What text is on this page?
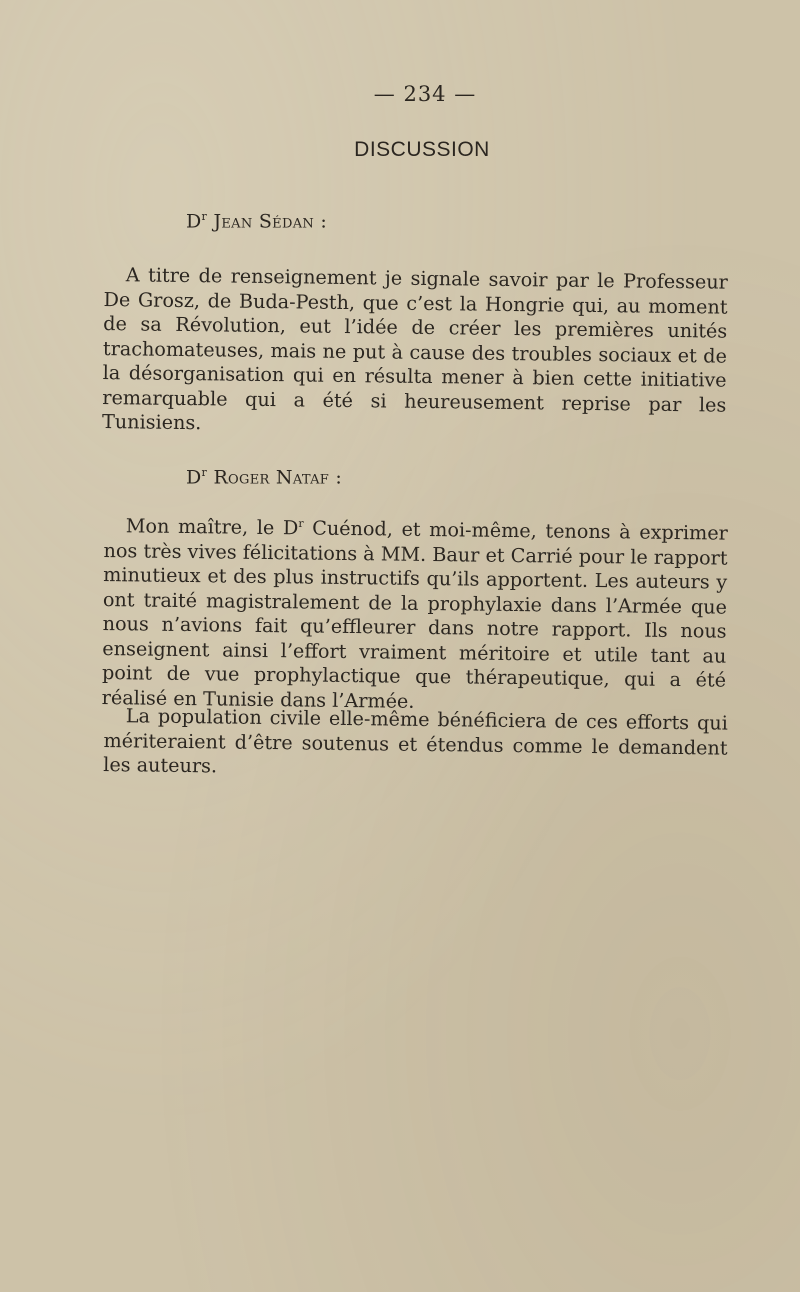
— 234 —
DISCUSSION
$D^r$ Jean Sédan :

A titre de renseignement je signale savoir par le Professeur De Grosz, de Buda-Pesth, que c’est la Hongrie qui, au moment de sa Révolution, eut l’idée de créer les premières unités trachomateuses, mais ne put à cause des troubles sociaux et de la désorganisation qui en résulta mener à bien cette initiative remarquable qui a été si heureusement reprise par les Tunisiens.

$D^r$ Roger Nataf :

Mon maître, le $D^r$ Cuénod, et moi-même, tenons à exprimer nos très vives félicitations à MM. Baur et Carrié pour le rapport minutieux et des plus instructifs qu’ils apportent. Les auteurs y ont traité magistralement de la prophylaxie dans l’Armée que nous n’avions fait qu’effleurer dans notre rapport. Ils nous enseignent ainsi l’effort vraiment méritoire et utile tant au point de vue prophylactique que thérapeutique, qui a été réalisé en Tunisie dans l’Armée.

La population civile elle-même bénéficiera de ces efforts qui mériteraient d’être soutenus et étendus comme le demandent les auteurs.
